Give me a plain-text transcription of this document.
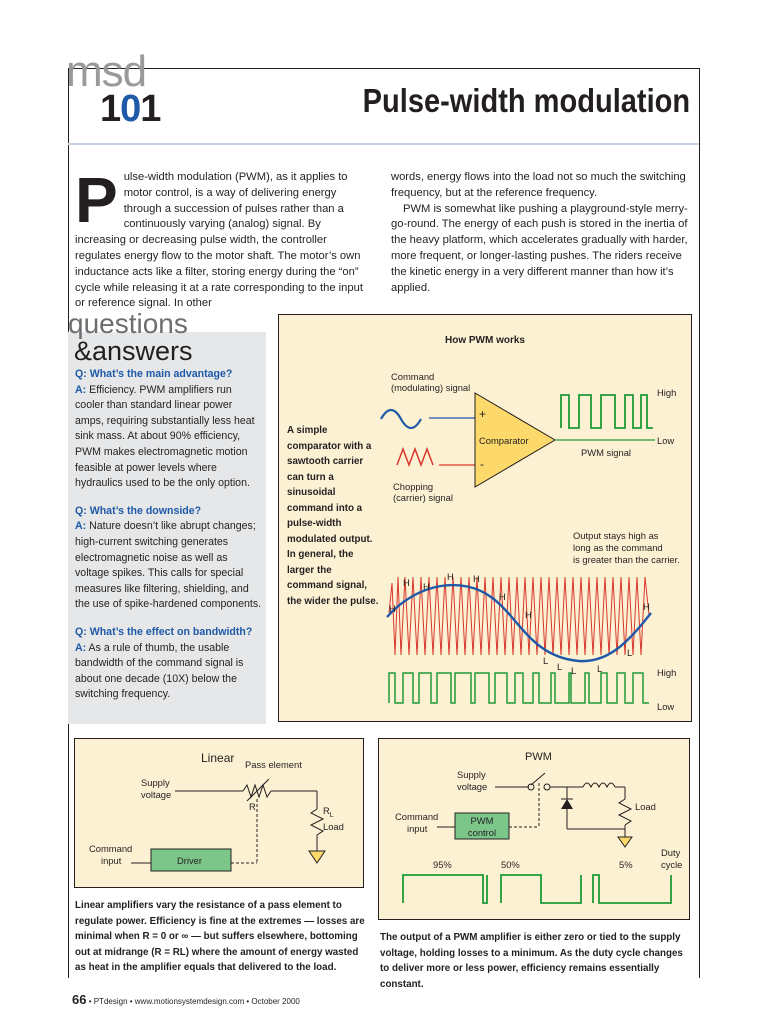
msd
101	Pulse-width modulation
Pulse-width modulation (PWM), as it applies to motor control, is a way of delivering energy through a succession of pulses rather than a continuously varying (analog) signal. By increasing or decreasing pulse width, the controller regulates energy flow to the motor shaft. The motor’s own inductance acts like a filter, storing energy during the “on” cycle while releasing it at a rate corresponding to the input or reference signal. In other
words, energy flows into the load not so much the switching frequency, but at the reference frequency.
PWM is somewhat like pushing a playground-style merry-go-round. The energy of each push is stored in the inertia of the heavy platform, which accelerates gradually with harder, more frequent, or longer-lasting pushes. The riders receive the kinetic energy in a very different manner than how it’s applied.
questions
&answers

Q: What’s the main advantage?
A: Efficiency. PWM amplifiers run cooler than standard linear power amps, requiring substantially less heat sink mass. At about 90% efficiency, PWM makes electromagnetic motion feasible at power levels where hydraulics used to be the only option.

Q: What’s the downside?
A: Nature doesn’t like abrupt changes; high-current switching generates electromagnetic noise as well as voltage spikes. This calls for special measures like filtering, shielding, and the use of spike-hardened components.

Q: What’s the effect on bandwidth?
A: As a rule of thumb, the usable bandwidth of the command signal is about one decade (10X) below the switching frequency.

How PWM works
A simple comparator with a sawtooth carrier can turn a sinusoidal command into a pulse-width modulated output. In general, the larger the command signal, the wider the pulse.
Command
(modulating) signal
Chopping
(carrier) signal
+
-
Comparator
High
Low
PWM signal
Output stays high as
long as the command
is greater than the carrier.
H
H H
H H
H
H
H
L
L L L
L
High
Low
Linear Pass element
Supply
voltage
R	$R_L$
Load
Command
input	Driver
Linear amplifiers vary the resistance of a pass element to regulate power. Efficiency is fine at the extremes — losses are minimal when R = 0 or ∞ — but suffers elsewhere, bottoming out at midrange (R = RL) where the amount of energy wasted as heat in the amplifier equals that delivered to the load.
PWM
Supply
voltage
Load
Command
input
PWM
control
95%	50%	5%
Duty
cycle
The output of a PWM amplifier is either zero or tied to the supply voltage, holding losses to a minimum. As the duty cycle changes to deliver more or less power, efficiency remains essentially constant.
66 • PTdesign • www.motionsystemdesign.com • October 2000
